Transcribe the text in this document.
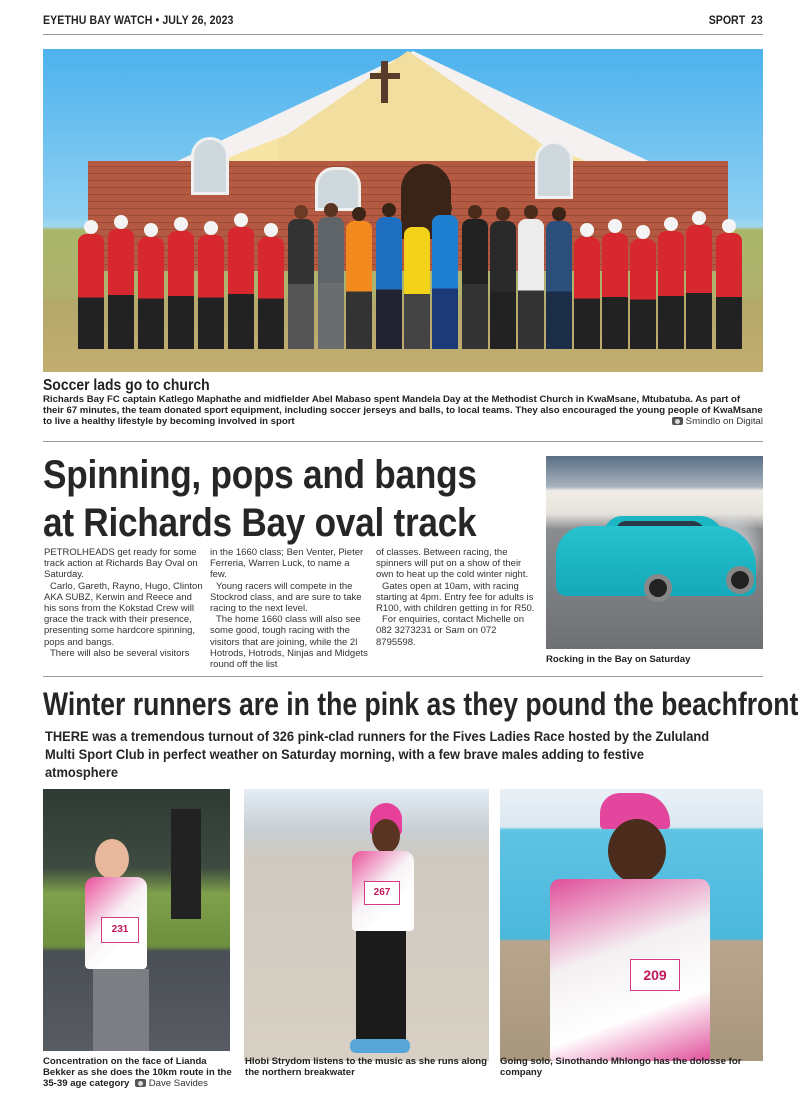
EYETHU BAY WATCH • JULY 26, 2023	SPORT 23
Soccer lads go to church
Richards Bay FC captain Katlego Maphathe and midfielder Abel Mabaso spent Mandela Day at the Methodist Church in KwaMsane, Mtubatuba. As part of their 67 minutes, the team donated sport equipment, including soccer jerseys and balls, to local teams. They also encouraged the young people of KwaMsane to live a healthy lifestyle by becoming involved in sport	Smindlo on Digital
Spinning, pops and bangs at Richards Bay oval track

PETROLHEADS get ready for some track action at Richards Bay Oval on Saturday.

Carlo, Gareth, Rayno, Hugo, Clinton AKA SUBZ, Kerwin and Reece and his sons from the Kokstad Crew will grace the track with their presence, presenting some hardcore spinning, pops and bangs.

There will also be several visitors

in the 1660 class; Ben Venter, Pieter Ferreria, Warren Luck, to name a few.

Young racers will compete in the Stockrod class, and are sure to take racing to the next level.

The home 1660 class will also see some good, tough racing with the visitors that are joining, while the 2l Hotrods, Hotrods, Ninjas and Midgets round off the list

of classes. Between racing, the spinners will put on a show of their own to heat up the cold winter night.

Gates open at 10am, with racing starting at 4pm. Entry fee for adults is R100, with children getting in for R50.

For enquiries, contact Michelle on 082 3273231 or Sam on 072 8795598.

Rocking in the Bay on Saturday
Winter runners are in the pink as they pound the beachfront

THERE was a tremendous turnout of 326 pink-clad runners for the Fives Ladies Race hosted by the Zululand Multi Sport Club in perfect weather on Saturday morning, with a few brave males adding to festive atmosphere

231
267
209
Concentration on the face of Lianda Bekker as she does the 10km route in the 35-39 age category Dave Savides
Hlobi Strydom listens to the music as she runs along the northern breakwater
Going solo, Sinothando Mhlongo has the dolosse for company
